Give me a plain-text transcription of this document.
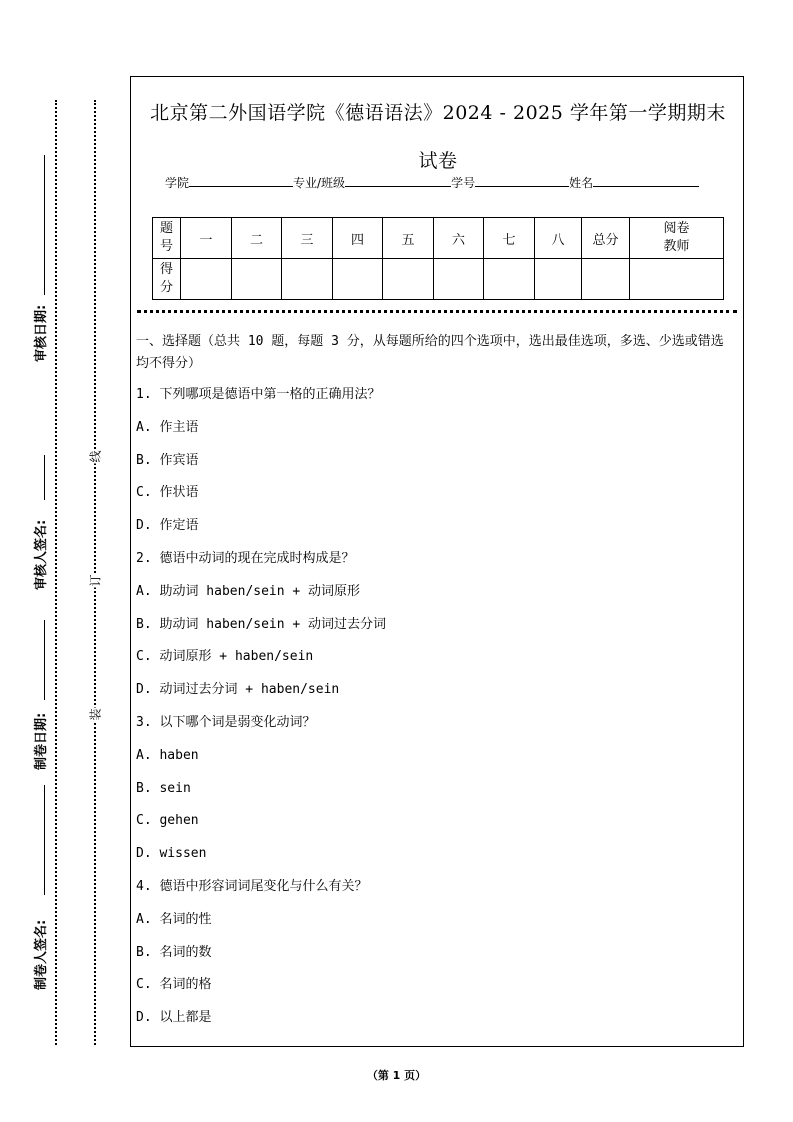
审核日期:
审核人签名:
制卷日期:
制卷人签名:
线
订
装
北京第二外国语学院《德语语法》2024 - 2025 学年第一学期期末
试卷
学院	专业/班级	学号	姓名
题号	一	二	三	四	五	六	七	八	总分	阅卷教师
得分										
一、选择题（总共 10 题，每题 3 分，从每题所给的四个选项中，选出最佳选项，多选、少选或错选均不得分）
1. 下列哪项是德语中第一格的正确用法？
A. 作主语
B. 作宾语
C. 作状语
D. 作定语
2. 德语中动词的现在完成时构成是？
A. 助动词 haben/sein + 动词原形
B. 助动词 haben/sein + 动词过去分词
C. 动词原形 + haben/sein
D. 动词过去分词 + haben/sein
3. 以下哪个词是弱变化动词？
A. haben
B. sein
C. gehen
D. wissen
4. 德语中形容词词尾变化与什么有关？
A. 名词的性
B. 名词的数
C. 名词的格
D. 以上都是
（第 1 页）
